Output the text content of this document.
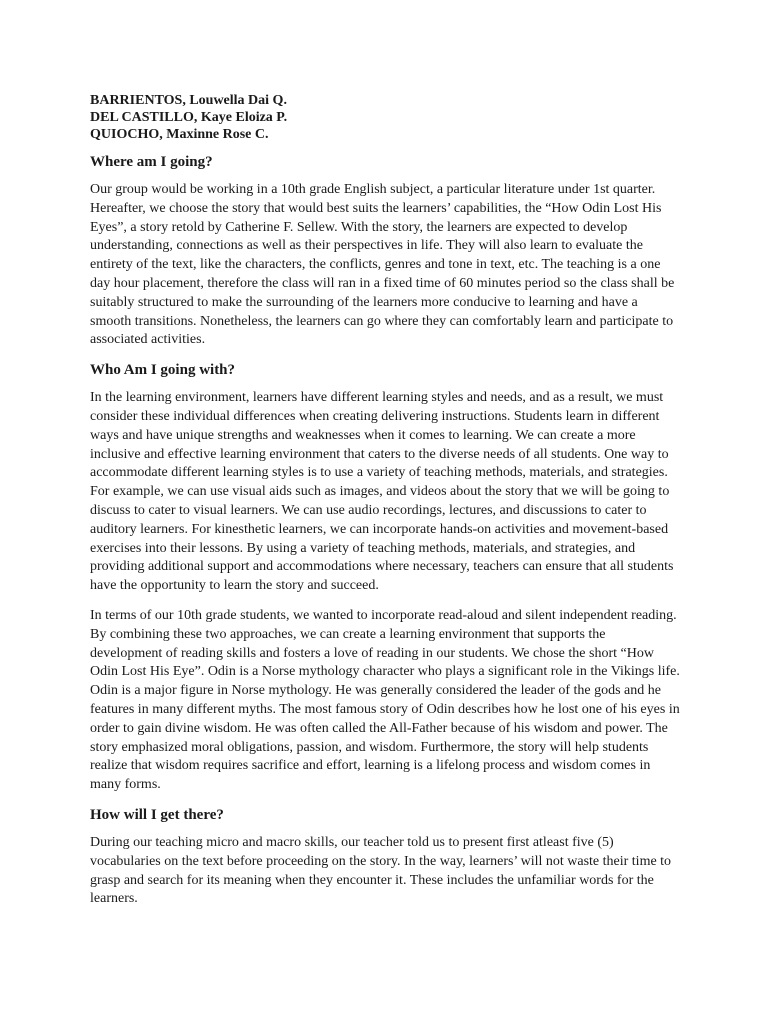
BARRIENTOS, Louwella Dai Q.
DEL CASTILLO, Kaye Eloiza P.
QUIOCHO, Maxinne Rose C.
Where am I going?

Our group would be working in a 10th grade English subject, a particular literature under 1st quarter. Hereafter, we choose the story that would best suits the learners’ capabilities, the “How Odin Lost His Eyes”, a story retold by Catherine F. Sellew. With the story, the learners are expected to develop understanding, connections as well as their perspectives in life. They will also learn to evaluate the entirety of the text, like the characters, the conflicts, genres and tone in text, etc. The teaching is a one day hour placement, therefore the class will ran in a fixed time of 60 minutes period so the class shall be suitably structured to make the surrounding of the learners more conducive to learning and have a smooth transitions. Nonetheless, the learners can go where they can comfortably learn and participate to associated activities.

Who Am I going with?

In the learning environment, learners have different learning styles and needs, and as a result, we must consider these individual differences when creating delivering instructions. Students learn in different ways and have unique strengths and weaknesses when it comes to learning. We can create a more inclusive and effective learning environment that caters to the diverse needs of all students. One way to accommodate different learning styles is to use a variety of teaching methods, materials, and strategies. For example, we can use visual aids such as images, and videos about the story that we will be going to discuss to cater to visual learners. We can use audio recordings, lectures, and discussions to cater to auditory learners. For kinesthetic learners, we can incorporate hands-on activities and movement-based exercises into their lessons. By using a variety of teaching methods, materials, and strategies, and providing additional support and accommodations where necessary, teachers can ensure that all students have the opportunity to learn the story and succeed.

In terms of our 10th grade students, we wanted to incorporate read-aloud and silent independent reading. By combining these two approaches, we can create a learning environment that supports the development of reading skills and fosters a love of reading in our students. We chose the short “How Odin Lost His Eye”. Odin is a Norse mythology character who plays a significant role in the Vikings life. Odin is a major figure in Norse mythology. He was generally considered the leader of the gods and he features in many different myths. The most famous story of Odin describes how he lost one of his eyes in order to gain divine wisdom. He was often called the All-Father because of his wisdom and power. The story emphasized moral obligations, passion, and wisdom. Furthermore, the story will help students realize that wisdom requires sacrifice and effort, learning is a lifelong process and wisdom comes in many forms.

How will I get there?

During our teaching micro and macro skills, our teacher told us to present first atleast five (5) vocabularies on the text before proceeding on the story. In the way, learners’ will not waste their time to grasp and search for its meaning when they encounter it. These includes the unfamiliar words for the learners.
